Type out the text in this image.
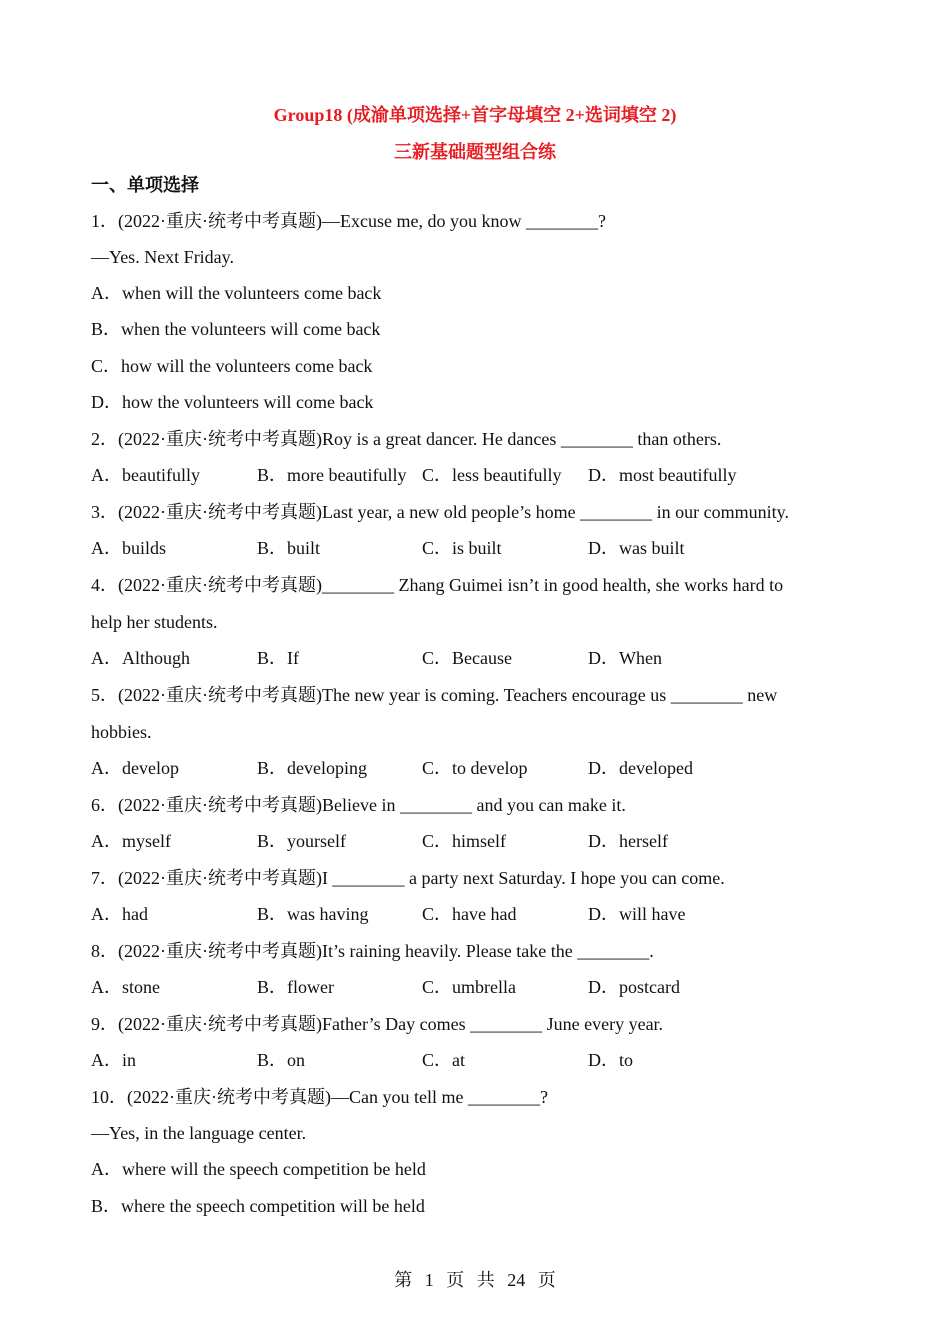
Group18 (成渝单项选择+首字母填空 2+选词填空 2)
三新基础题型组合练
一、单项选择
1．(2022·重庆·统考中考真题)—Excuse me, do you know ________?
—Yes. Next Friday.
A．when will the volunteers come back
B．when the volunteers will come back
C．how will the volunteers come back
D．how the volunteers will come back
2．(2022·重庆·统考中考真题)Roy is a great dancer. He dances ________ than others.
A．beautifully	B．more beautifully C．less beautifully D．most beautifully
3．(2022·重庆·统考中考真题)Last year, a new old people’s home ________ in our community.
A．builds	B．built	C．is built	D．was built
4．(2022·重庆·统考中考真题)________ Zhang Guimei isn’t in good health, she works hard to
help her students.
A．Although	B．If	C．Because	D．When
5．(2022·重庆·统考中考真题)The new year is coming. Teachers encourage us ________ new
hobbies.
A．develop	B．developing	C．to develop	D．developed
6．(2022·重庆·统考中考真题)Believe in ________ and you can make it.
A．myself	B．yourself	C．himself	D．herself
7．(2022·重庆·统考中考真题)I ________ a party next Saturday. I hope you can come.
A．had	B．was having	C．have had	D．will have
8．(2022·重庆·统考中考真题)It’s raining heavily. Please take the ________.
A．stone	B．flower	C．umbrella	D．postcard
9．(2022·重庆·统考中考真题)Father’s Day comes ________ June every year.
A．in	B．on	C．at	D．to
10．(2022·重庆·统考中考真题)—Can you tell me ________?
—Yes, in the language center.
A．where will the speech competition be held
B．where the speech competition will be held
第 1 页 共 24 页
